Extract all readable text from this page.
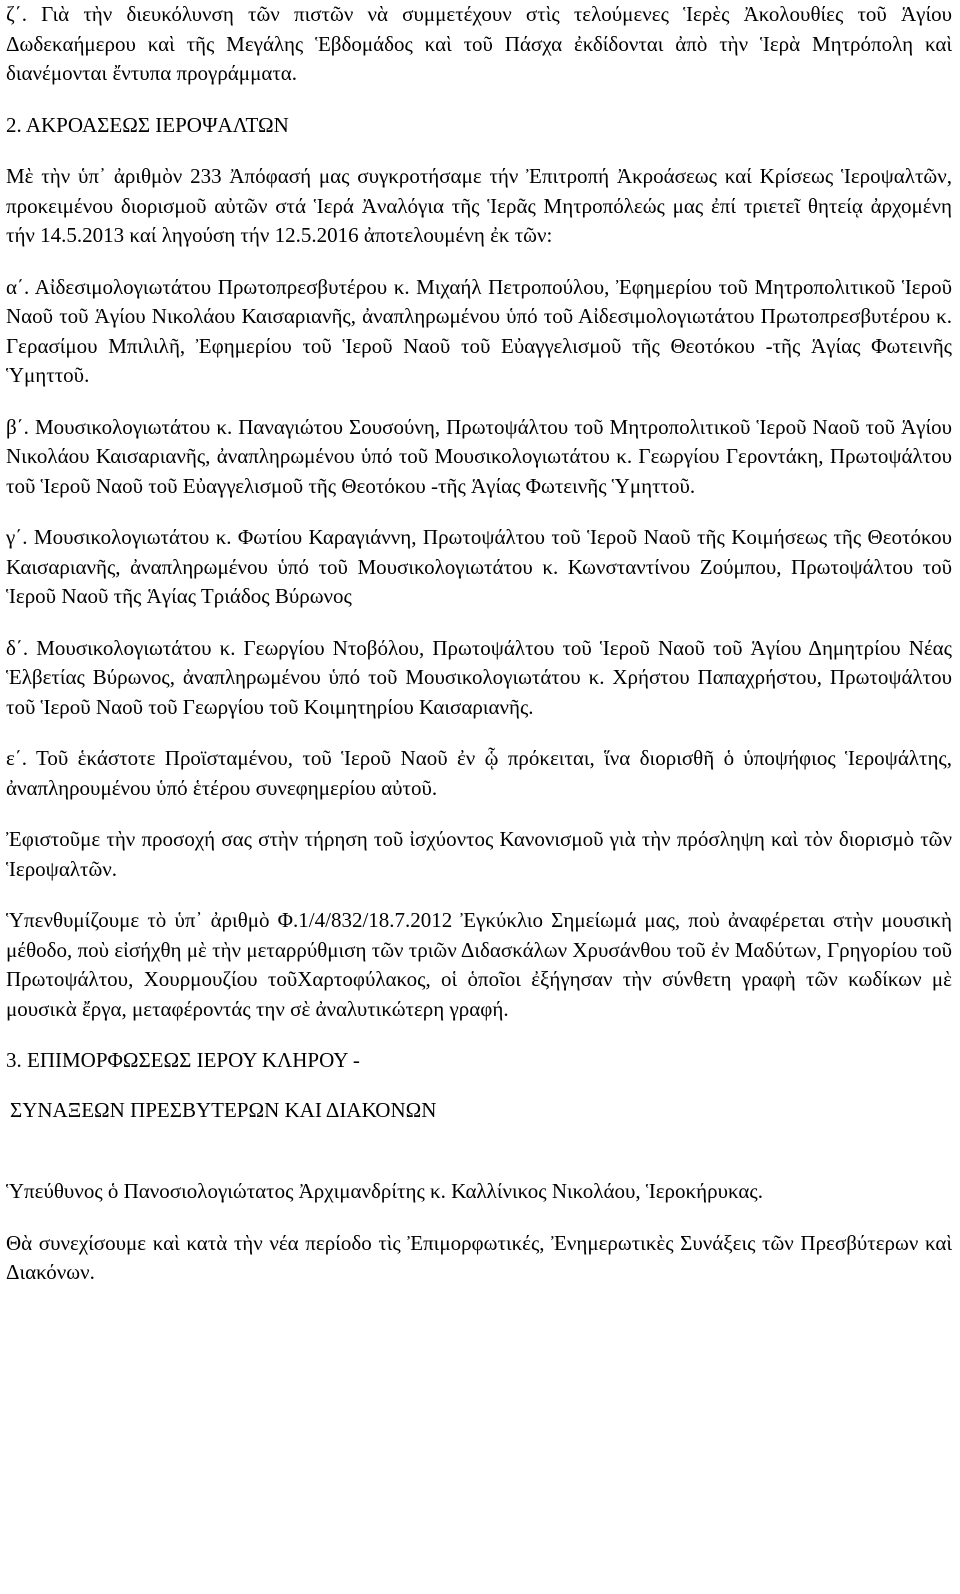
ζ΄. Γιὰ τὴν διευκόλυνση τῶν πιστῶν νὰ συμμετέχουν στὶς τελούμενες Ἱερὲς Ἀκολουθίες τοῦ Ἁγίου Δωδεκαήμερου καὶ τῆς Μεγάλης Ἑβδομάδος καὶ τοῦ Πάσχα ἐκδίδονται ἀπὸ τὴν Ἱερὰ Μητρόπολη καὶ διανέμονται ἔντυπα προγράμματα.

2. ΑΚΡΟΑΣΕΩΣ ΙΕΡΟΨΑΛΤΩΝ

Μὲ τὴν ὑπ᾽ ἀριθμὸν 233 Ἀπόφασή μας συγκροτήσαμε τήν Ἐπιτροπή Ἀκροάσεως καί Κρίσεως Ἱεροψαλτῶν, προκειμένου διορισμοῦ αὐτῶν στά Ἱερά Ἀναλόγια τῆς Ἱερᾶς Μητροπόλεώς μας ἐπί τριετεῖ θητείᾳ ἀρχομένη τήν 14.5.2013 καί ληγούση τήν 12.5.2016 ἀποτελουμένη ἐκ τῶν:

α΄. Αἰδεσιμολογιωτάτου Πρωτοπρεσβυτέρου κ. Μιχαήλ Πετροπούλου, Ἐφημερίου τοῦ Μητροπολιτικοῦ Ἱεροῦ Ναοῦ τοῦ Ἁγίου Νικολάου Καισαριανῆς, ἀναπληρωμένου ὑπό τοῦ Αἰδεσιμολογιωτάτου Πρωτοπρεσβυτέρου κ. Γερασίμου Μπιλιλῆ, Ἐφημερίου τοῦ Ἱεροῦ Ναοῦ τοῦ Εὐαγγελισμοῦ τῆς Θεοτόκου -τῆς Ἁγίας Φωτεινῆς Ὑμηττοῦ.

β΄. Μουσικολογιωτάτου κ. Παναγιώτου Σουσούνη, Πρωτοψάλτου τοῦ Μητροπολιτικοῦ Ἱεροῦ Ναοῦ τοῦ Ἁγίου Νικολάου Καισαριανῆς, ἀναπληρωμένου ὑπό τοῦ Μουσικολογιωτάτου κ. Γεωργίου Γεροντάκη, Πρωτοψάλτου τοῦ Ἱεροῦ Ναοῦ τοῦ Εὐαγγελισμοῦ τῆς Θεοτόκου -τῆς Ἁγίας Φωτεινῆς Ὑμηττοῦ.

γ΄. Μουσικολογιωτάτου κ. Φωτίου Καραγιάννη, Πρωτοψάλτου τοῦ Ἱεροῦ Ναοῦ τῆς Κοιμήσεως τῆς Θεοτόκου Καισαριανῆς, ἀναπληρωμένου ὑπό τοῦ Μουσικολογιωτάτου κ. Κωνσταντίνου Ζούμπου, Πρωτοψάλτου τοῦ Ἱεροῦ Ναοῦ τῆς Ἁγίας Τριάδος Βύρωνος

δ΄. Μουσικολογιωτάτου κ. Γεωργίου Ντοβόλου, Πρωτοψάλτου τοῦ Ἱεροῦ Ναοῦ τοῦ Ἁγίου Δημητρίου Νέας Ἑλβετίας Βύρωνος, ἀναπληρωμένου ὑπό τοῦ Μουσικολογιωτάτου κ. Χρήστου Παπαχρήστου, Πρωτοψάλτου τοῦ Ἱεροῦ Ναοῦ τοῦ Γεωργίου τοῦ Κοιμητηρίου Καισαριανῆς.

ε΄. Τοῦ ἑκάστοτε Προϊσταμένου, τοῦ Ἱεροῦ Ναοῦ ἐν ᾧ πρόκειται, ἵνα διορισθῆ ὁ ὑποψήφιος Ἱεροψάλτης, ἀναπληρουμένου ὑπό ἑτέρου συνεφημερίου αὐτοῦ.

Ἐφιστοῦμε τὴν προσοχή σας στὴν τήρηση τοῦ ἰσχύοντος Κανονισμοῦ γιὰ τὴν πρόσληψη καὶ τὸν διορισμὸ τῶν Ἱεροψαλτῶν.

Ὑπενθυμίζουμε τὸ ὑπ᾽ ἀριθμὸ Φ.1/4/832/18.7.2012 Ἐγκύκλιο Σημείωμά μας, ποὺ ἀναφέρεται στὴν μουσικὴ μέθοδο, ποὺ εἰσήχθη μὲ τὴν μεταρρύθμιση τῶν τριῶν Διδασκάλων Χρυσάνθου τοῦ ἐν Μαδύτων, Γρηγορίου τοῦ Πρωτοψάλτου, Χουρμουζίου τοῦΧαρτοφύλακος, οἱ ὁποῖοι ἐξήγησαν τὴν σύνθετη γραφὴ τῶν κωδίκων μὲ μουσικὰ ἔργα, μεταφέροντάς την σὲ ἀναλυτικώτερη γραφή.

3. ΕΠΙΜΟΡΦΩΣΕΩΣ ΙΕΡΟΥ ΚΛΗΡΟΥ -

ΣΥΝΑΞΕΩΝ ΠΡΕΣΒΥΤΕΡΩΝ ΚΑΙ ΔΙΑΚΟΝΩΝ

Ὑπεύθυνος ὁ Πανοσιολογιώτατος Ἀρχιμανδρίτης κ. Καλλίνικος Νικολάου, Ἱεροκήρυκας.

Θὰ συνεχίσουμε καὶ κατὰ τὴν νέα περίοδο τὶς Ἐπιμορφωτικές, Ἐνημερωτικὲς Συνάξεις τῶν Πρεσβύτερων καὶ Διακόνων.
